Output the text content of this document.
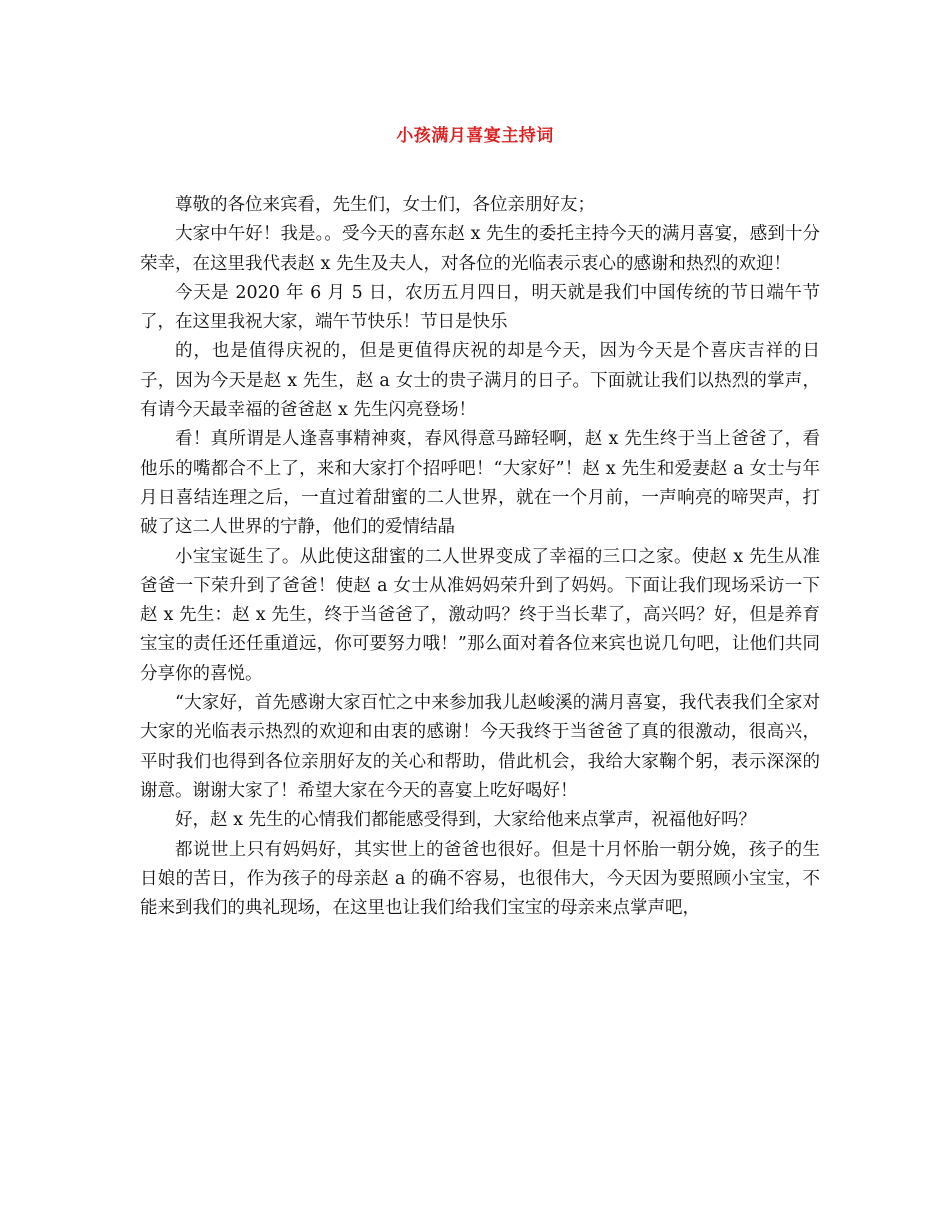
小孩满月喜宴主持词

尊敬的各位来宾看，先生们，女士们，各位亲朋好友；

大家中午好！我是。。受今天的喜东赵 x 先生的委托主持今天的满月喜宴，感到十分荣幸，在这里我代表赵 x 先生及夫人，对各位的光临表示衷心的感谢和热烈的欢迎！

今天是 2020 年 6 月 5 日，农历五月四日，明天就是我们中国传统的节日端午节了，在这里我祝大家，端午节快乐！节日是快乐

的，也是值得庆祝的，但是更值得庆祝的却是今天，因为今天是个喜庆吉祥的日子，因为今天是赵 x 先生，赵 a 女士的贵子满月的日子。下面就让我们以热烈的掌声，有请今天最幸福的爸爸赵 x 先生闪亮登场！

看！真所谓是人逢喜事精神爽，春风得意马蹄轻啊，赵 x 先生终于当上爸爸了，看他乐的嘴都合不上了，来和大家打个招呼吧！“大家好”！赵 x 先生和爱妻赵 a 女士与年月日喜结连理之后，一直过着甜蜜的二人世界，就在一个月前，一声响亮的啼哭声，打破了这二人世界的宁静，他们的爱情结晶

小宝宝诞生了。从此使这甜蜜的二人世界变成了幸福的三口之家。使赵 x 先生从准爸爸一下荣升到了爸爸！使赵 a 女士从准妈妈荣升到了妈妈。下面让我们现场采访一下赵 x 先生：赵 x 先生，终于当爸爸了，激动吗？终于当长辈了，高兴吗？好，但是养育宝宝的责任还任重道远，你可要努力哦！”那么面对着各位来宾也说几句吧，让他们共同分享你的喜悦。

“大家好，首先感谢大家百忙之中来参加我儿赵峻溪的满月喜宴，我代表我们全家对大家的光临表示热烈的欢迎和由衷的感谢！今天我终于当爸爸了真的很激动，很高兴，平时我们也得到各位亲朋好友的关心和帮助，借此机会，我给大家鞠个躬，表示深深的谢意。谢谢大家了！希望大家在今天的喜宴上吃好喝好！

好，赵 x 先生的心情我们都能感受得到，大家给他来点掌声，祝福他好吗？

都说世上只有妈妈好，其实世上的爸爸也很好。但是十月怀胎一朝分娩，孩子的生日娘的苦日，作为孩子的母亲赵 a 的确不容易，也很伟大，今天因为要照顾小宝宝，不能来到我们的典礼现场，在这里也让我们给我们宝宝的母亲来点掌声吧，
